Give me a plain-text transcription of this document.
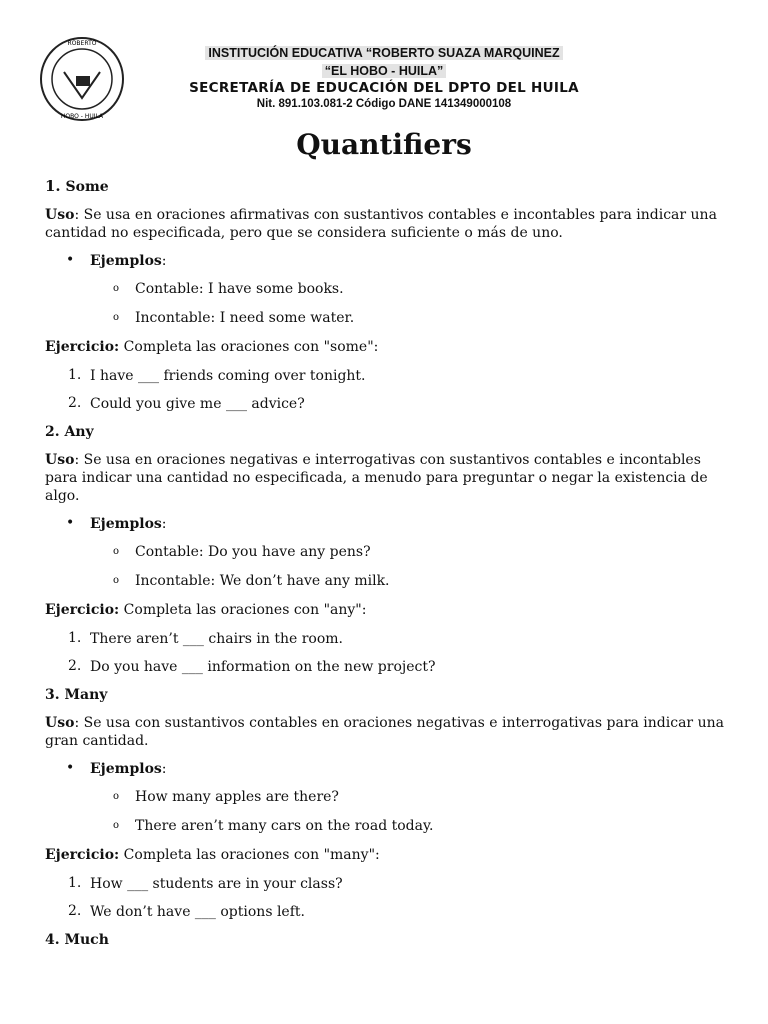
ROBERTO
HOBO - HUILA
INSTITUCIÓN EDUCATIVA “ROBERTO SUAZA MARQUINEZ
“EL HOBO - HUILA”
SECRETARÍA DE EDUCACIÓN DEL DPTO DEL HUILA
Nit. 891.103.081-2 Código DANE 141349000108
Quantifiers
1. Some
Uso: Se usa en oraciones afirmativas con sustantivos contables e incontables para indicar una cantidad no especificada, pero que se considera suficiente o más de uno.
• Ejemplos:
o Contable: I have some books.
o Incontable: I need some water.
Ejercicio: Completa las oraciones con "some":
1. I have ___ friends coming over tonight.
2. Could you give me ___ advice?
2. Any
Uso: Se usa en oraciones negativas e interrogativas con sustantivos contables e incontables para indicar una cantidad no especificada, a menudo para preguntar o negar la existencia de algo.
• Ejemplos:
o Contable: Do you have any pens?
o Incontable: We don’t have any milk.
Ejercicio: Completa las oraciones con "any":
1. There aren’t ___ chairs in the room.
2. Do you have ___ information on the new project?
3. Many
Uso: Se usa con sustantivos contables en oraciones negativas e interrogativas para indicar una gran cantidad.
• Ejemplos:
o How many apples are there?
o There aren’t many cars on the road today.
Ejercicio: Completa las oraciones con "many":
1. How ___ students are in your class?
2. We don’t have ___ options left.
4. Much
